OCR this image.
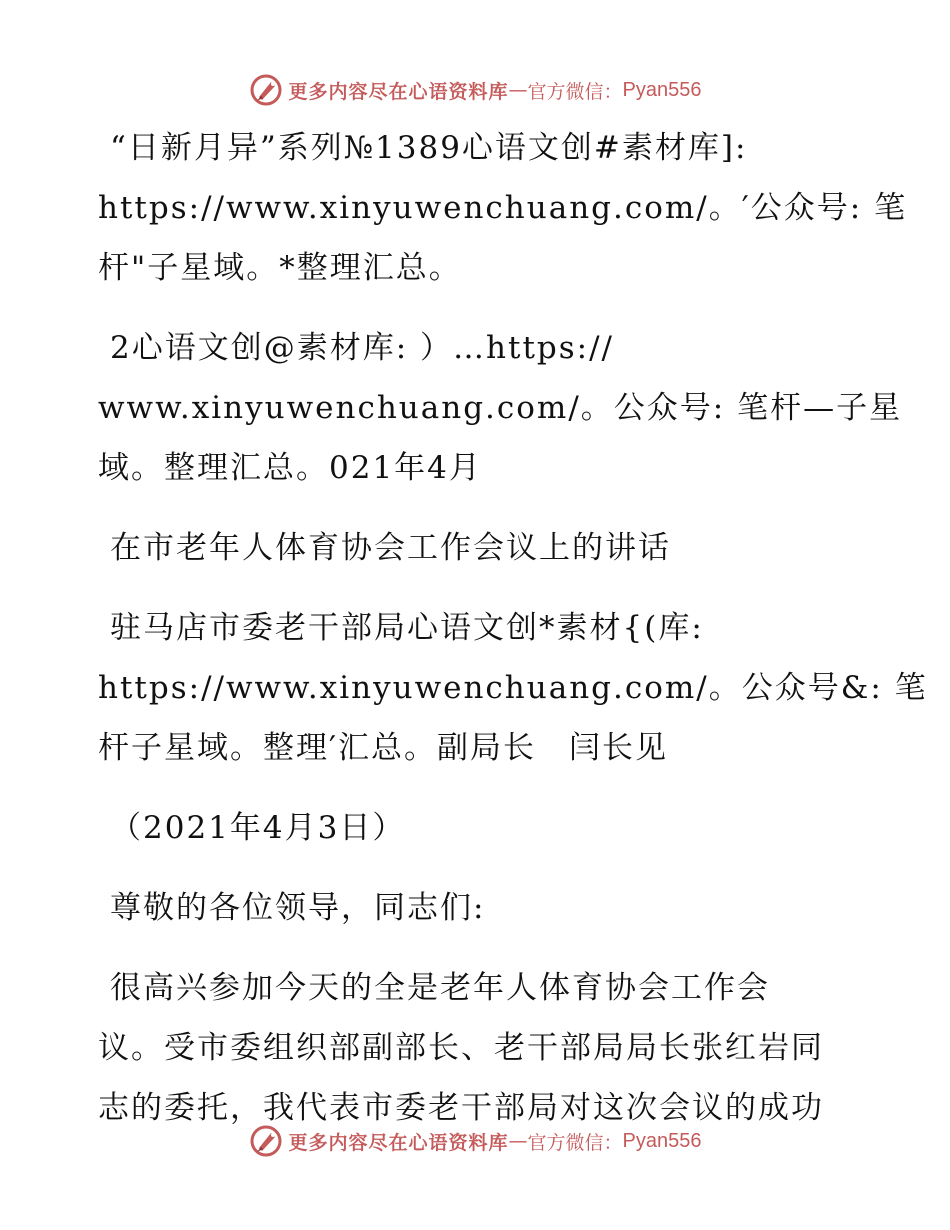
更多内容尽在心语资料库 — 官方微信： Pyan556

“日新月异”系列№1389心语文创#素材库]:
https://www.xinyuwenchuang.com/。′公众号: 笔
杆"子星域。*整理汇总。

2心语文创@素材库: ）…https://
www.xinyuwenchuang.com/。公众号: 笔杆—子星
域。整理汇总。021年4月

在市老年人体育协会工作会议上的讲话

驻马店市委老干部局心语文创*素材{(库:
https://www.xinyuwenchuang.com/。公众号&: 笔
杆子星域。整理′汇总。副局长　闫长见

（2021年4月3日）

尊敬的各位领导，同志们:

很高兴参加今天的全是老年人体育协会工作会
议。受市委组织部副部长、老干部局局长张红岩同
志的委托，我代表市委老干部局对这次会议的成功

更多内容尽在心语资料库 — 官方微信： Pyan556
